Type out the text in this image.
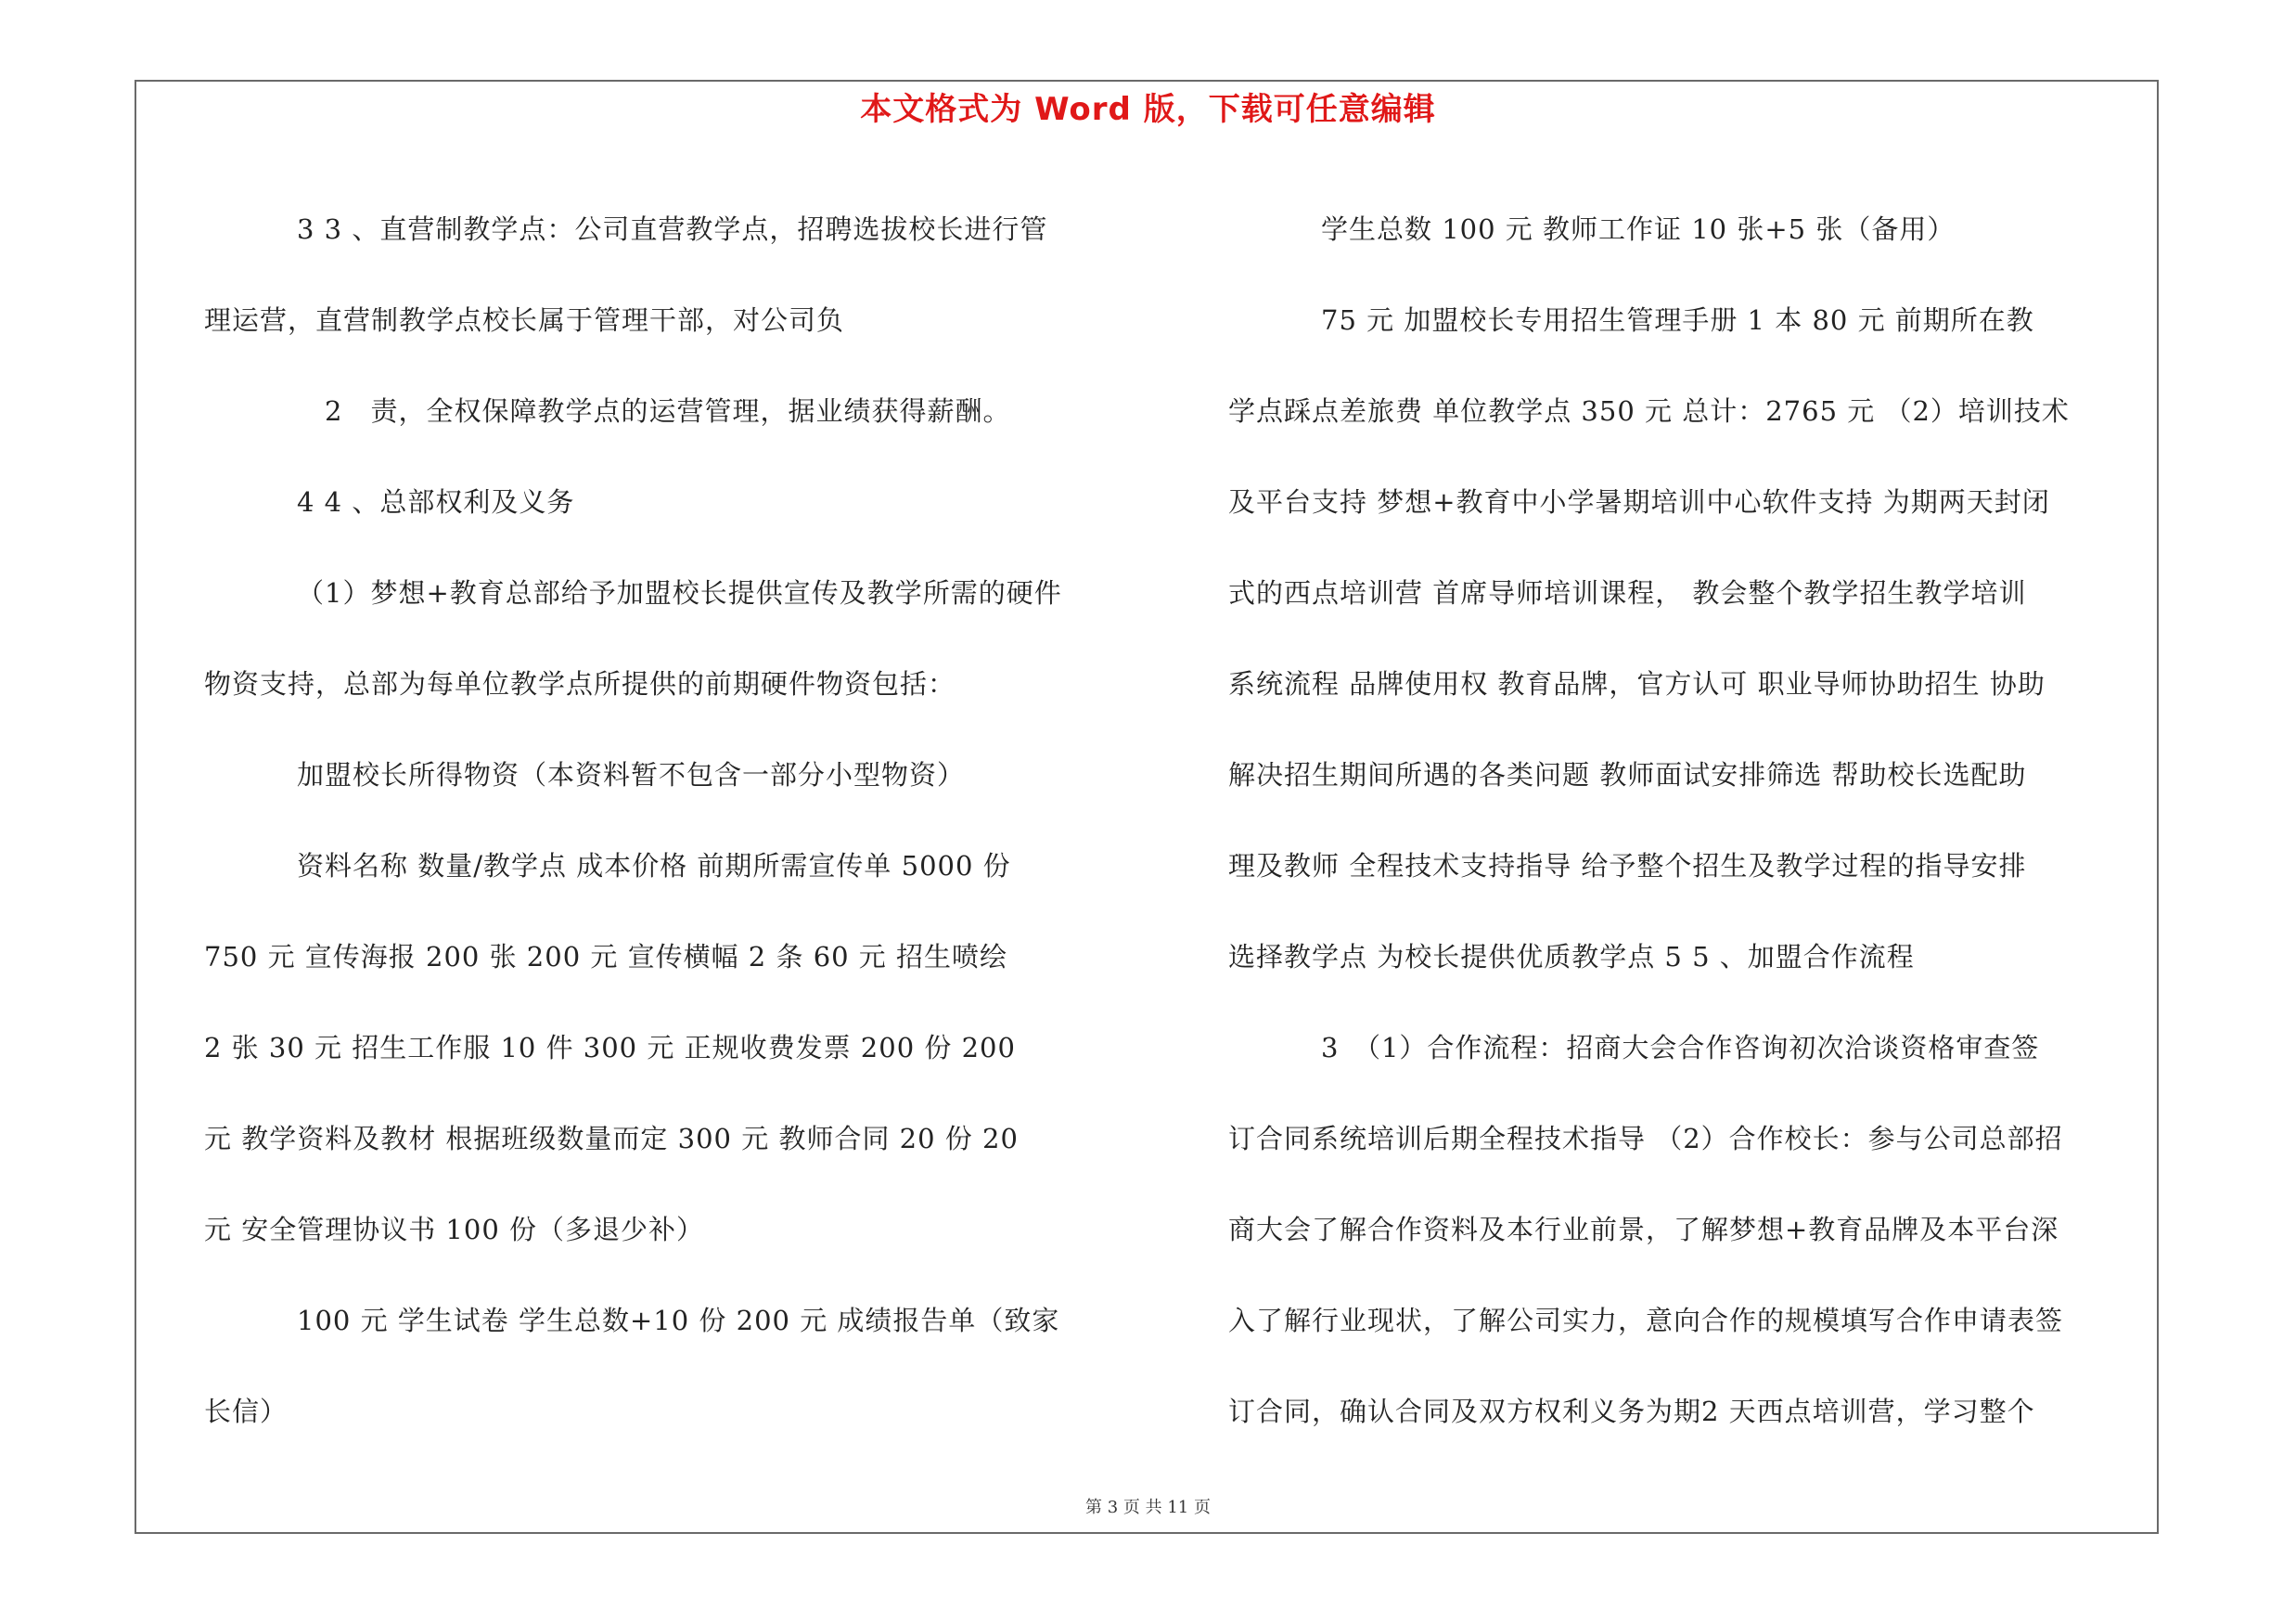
本文格式为 Word 版，下载可任意编辑
3 3 、直营制教学点：公司直营教学点，招聘选拔校长进行管
理运营，直营制教学点校长属于管理干部，对公司负
2　责，全权保障教学点的运营管理，据业绩获得薪酬。
4 4 、总部权利及义务
（1）梦想+教育总部给予加盟校长提供宣传及教学所需的硬件
物资支持，总部为每单位教学点所提供的前期硬件物资包括：
加盟校长所得物资（本资料暂不包含一部分小型物资）
资料名称 数量/教学点 成本价格 前期所需宣传单 5000 份
750 元 宣传海报 200 张 200 元 宣传横幅 2 条 60 元 招生喷绘
2 张 30 元 招生工作服 10 件 300 元 正规收费发票 200 份 200
元 教学资料及教材 根据班级数量而定 300 元 教师合同 20 份 20
元 安全管理协议书 100 份（多退少补）
100 元 学生试卷 学生总数+10 份 200 元 成绩报告单（致家
长信）
学生总数 100 元 教师工作证 10 张+5 张（备用）
75 元 加盟校长专用招生管理手册 1 本 80 元 前期所在教
学点踩点差旅费 单位教学点 350 元 总计：2765 元 （2）培训技术
及平台支持 梦想+教育中小学暑期培训中心软件支持 为期两天封闭
式的西点培训营 首席导师培训课程， 教会整个教学招生教学培训
系统流程 品牌使用权 教育品牌，官方认可 职业导师协助招生 协助
解决招生期间所遇的各类问题 教师面试安排筛选 帮助校长选配助
理及教师 全程技术支持指导 给予整个招生及教学过程的指导安排
选择教学点 为校长提供优质教学点 5 5 、加盟合作流程
3　（1）合作流程：招商大会合作咨询初次洽谈资格审查签
订合同系统培训后期全程技术指导 （2）合作校长：参与公司总部招
商大会了解合作资料及本行业前景，了解梦想+教育品牌及本平台深
入了解行业现状，了解公司实力，意向合作的规模填写合作申请表签
订合同，确认合同及双方权利义务为期2 天西点培训营，学习整个
第 3 页 共 11 页
